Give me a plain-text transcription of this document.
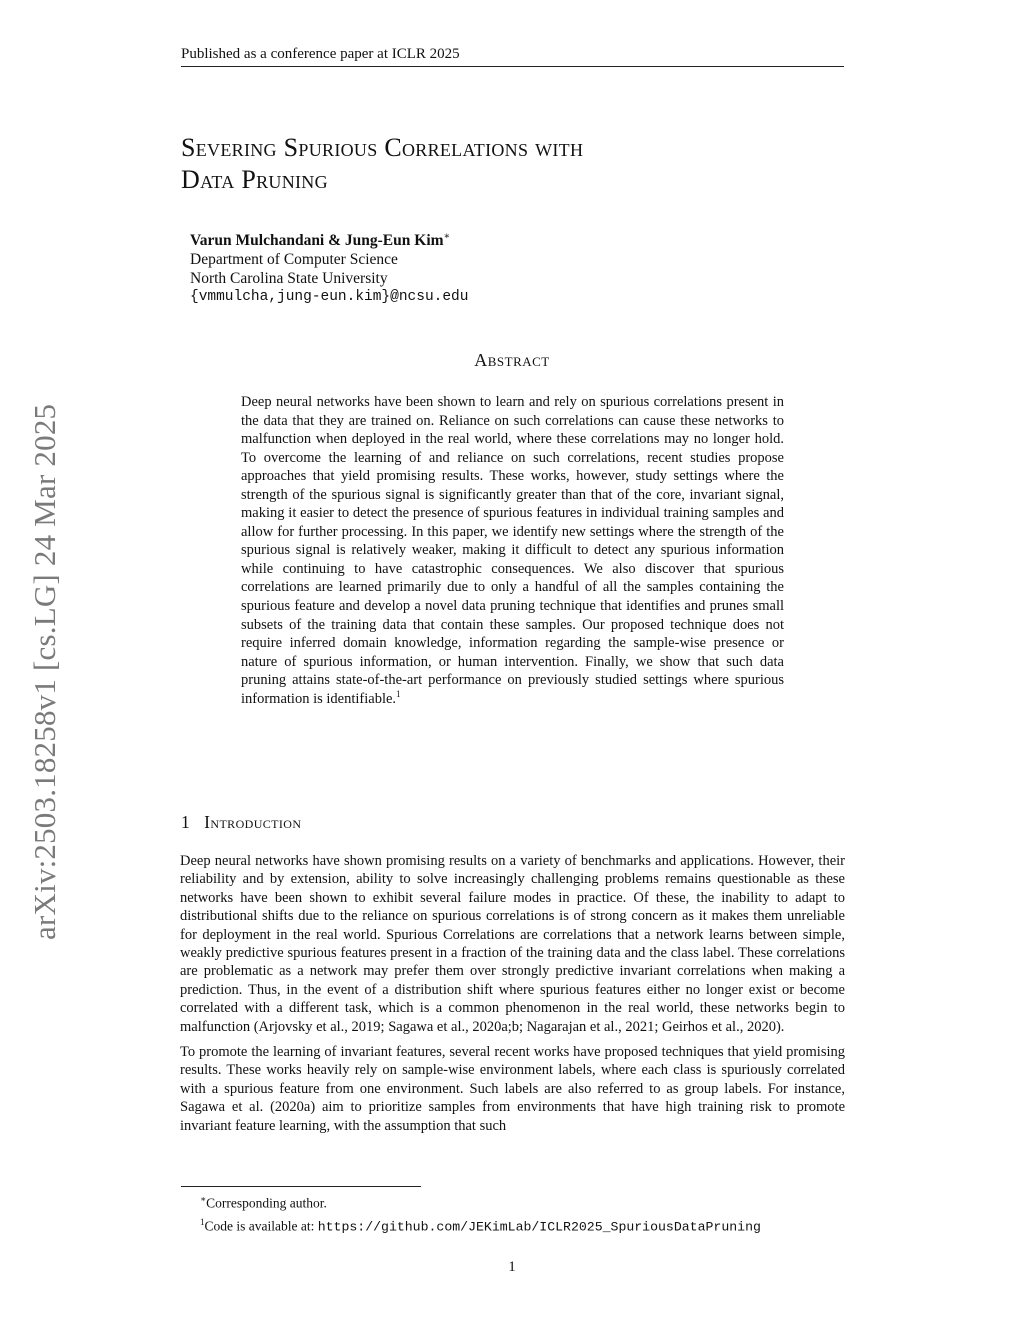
Published as a conference paper at ICLR 2025
arXiv:2503.18258v1 [cs.LG] 24 Mar 2025
Severing Spurious Correlations with
Data Pruning
Varun Mulchandani & Jung-Eun Kim∗
Department of Computer Science
North Carolina State University
{vmmulcha,jung-eun.kim}@ncsu.edu
Abstract

Deep neural networks have been shown to learn and rely on spurious correlations present in the data that they are trained on. Reliance on such correlations can cause these networks to malfunction when deployed in the real world, where these correlations may no longer hold. To overcome the learning of and reliance on such correlations, recent studies propose approaches that yield promising results. These works, however, study settings where the strength of the spurious signal is significantly greater than that of the core, invariant signal, making it easier to detect the presence of spurious features in individual training samples and allow for further processing. In this paper, we identify new settings where the strength of the spurious signal is relatively weaker, making it difficult to detect any spurious information while continuing to have catastrophic consequences. We also discover that spurious correlations are learned primarily due to only a handful of all the samples containing the spurious feature and develop a novel data pruning technique that identifies and prunes small subsets of the training data that contain these samples. Our proposed technique does not require inferred domain knowledge, information regarding the sample-wise presence or nature of spurious information, or human intervention. Finally, we show that such data pruning attains state-of-the-art performance on previously studied settings where spurious information is identifiable.$^1$

1 Introduction

Deep neural networks have shown promising results on a variety of benchmarks and applications. However, their reliability and by extension, ability to solve increasingly challenging problems remains questionable as these networks have been shown to exhibit several failure modes in practice. Of these, the inability to adapt to distributional shifts due to the reliance on spurious correlations is of strong concern as it makes them unreliable for deployment in the real world. Spurious Correlations are correlations that a network learns between simple, weakly predictive spurious features present in a fraction of the training data and the class label. These correlations are problematic as a network may prefer them over strongly predictive invariant correlations when making a prediction. Thus, in the event of a distribution shift where spurious features either no longer exist or become correlated with a different task, which is a common phenomenon in the real world, these networks begin to malfunction (Arjovsky et al., 2019; Sagawa et al., 2020a;b; Nagarajan et al., 2021; Geirhos et al., 2020).

To promote the learning of invariant features, several recent works have proposed techniques that yield promising results. These works heavily rely on sample-wise environment labels, where each class is spuriously correlated with a spurious feature from one environment. Such labels are also referred to as group labels. For instance, Sagawa et al. (2020a) aim to prioritize samples from environments that have high training risk to promote invariant feature learning, with the assumption that such

∗Corresponding author.
$^1$Code is available at: https://github.com/JEKimLab/ICLR2025_SpuriousDataPruning
1
